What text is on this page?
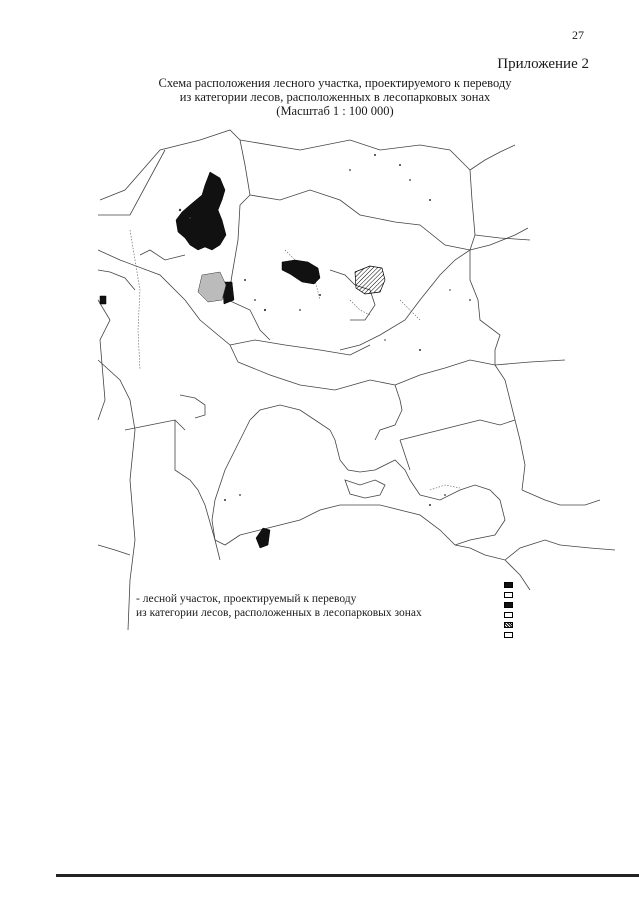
27
Приложение 2
Схема расположения лесного участка, проектируемого к переводу
из категории лесов, расположенных в лесопарковых зонах
(Масштаб 1 : 100 000)
- лесной участок, проектируемый к переводу
из категории лесов, расположенных в лесопарковых зонах
